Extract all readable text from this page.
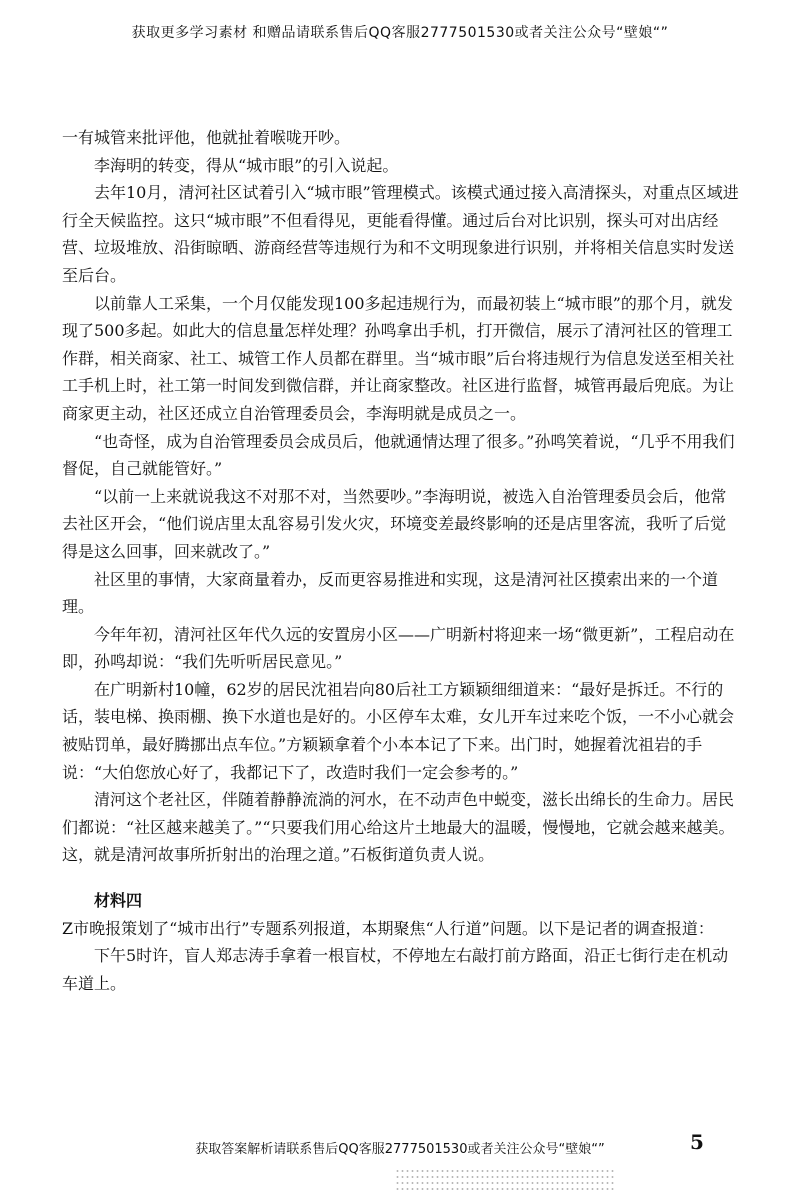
获取更多学习素材 和赠品请联系售后QQ客服2777501530或者关注公众号“壁娘“”

一有城管来批评他，他就扯着喉咙开吵。

李海明的转变，得从“城市眼”的引入说起。

去年10月，清河社区试着引入“城市眼”管理模式。该模式通过接入高清探头，对重点区域进行全天候监控。这只“城市眼”不但看得见，更能看得懂。通过后台对比识别，探头可对出店经营、垃圾堆放、沿街晾晒、游商经营等违规行为和不文明现象进行识别，并将相关信息实时发送至后台。

以前靠人工采集，一个月仅能发现100多起违规行为，而最初装上“城市眼”的那个月，就发现了500多起。如此大的信息量怎样处理？孙鸣拿出手机，打开微信，展示了清河社区的管理工作群，相关商家、社工、城管工作人员都在群里。当“城市眼”后台将违规行为信息发送至相关社工手机上时，社工第一时间发到微信群，并让商家整改。社区进行监督，城管再最后兜底。为让商家更主动，社区还成立自治管理委员会，李海明就是成员之一。

“也奇怪，成为自治管理委员会成员后，他就通情达理了很多。”孙鸣笑着说，“几乎不用我们督促，自己就能管好。”

“以前一上来就说我这不对那不对，当然要吵。”李海明说，被选入自治管理委员会后，他常去社区开会，“他们说店里太乱容易引发火灾，环境变差最终影响的还是店里客流，我听了后觉得是这么回事，回来就改了。”

社区里的事情，大家商量着办，反而更容易推进和实现，这是清河社区摸索出来的一个道理。

今年年初，清河社区年代久远的安置房小区——广明新村将迎来一场“微更新”，工程启动在即，孙鸣却说：“我们先听听居民意见。”

在广明新村10幢，62岁的居民沈祖岩向80后社工方颖颖细细道来：“最好是拆迁。不行的话，装电梯、换雨棚、换下水道也是好的。小区停车太难，女儿开车过来吃个饭，一不小心就会被贴罚单，最好腾挪出点车位。”方颖颖拿着个小本本记了下来。出门时，她握着沈祖岩的手说：“大伯您放心好了，我都记下了，改造时我们一定会参考的。”

清河这个老社区，伴随着静静流淌的河水，在不动声色中蜕变，滋长出绵长的生命力。居民们都说：“社区越来越美了。”“只要我们用心给这片土地最大的温暖，慢慢地，它就会越来越美。这，就是清河故事所折射出的治理之道。”石板街道负责人说。

材料四

Z市晚报策划了“城市出行”专题系列报道，本期聚焦“人行道”问题。以下是记者的调查报道：

下午5时许，盲人郑志涛手拿着一根盲杖，不停地左右敲打前方路面，沿正七街行走在机动车道上。

5
获取答案解析请联系售后QQ客服2777501530或者关注公众号“壁娘“”
